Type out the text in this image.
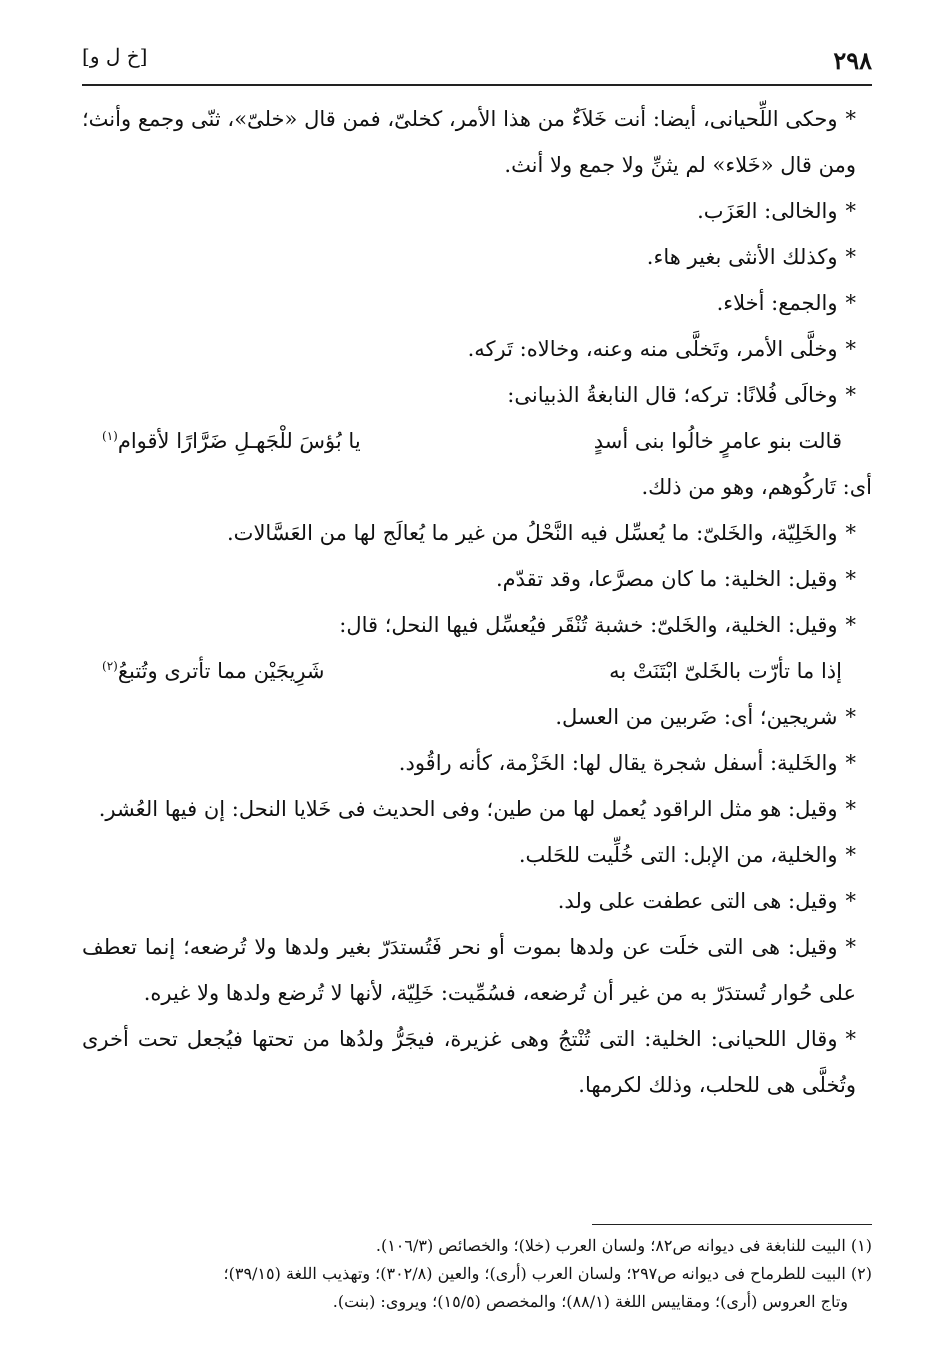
٢٩٨
[خ ل و]

*وحكى اللِّحيانى، أيضا: أنت خَلاَءٌ من هذا الأمر، كخلىّ، فمن قال «خلىّ»، ثنّى وجمع وأنث؛ ومن قال «خَلاء» لم يثنِّ ولا جمع ولا أنث.

*والخالى: العَزَب.

*وكذلك الأنثى بغير هاء.

*والجمع: أخلاء.

*وخلَّى الأمر، وتَخلَّى منه وعنه، وخالاه: تَركه.

*وخالَى فُلانًا: تركه؛ قال النابغةُ الذبيانى:

قالت بنو عامرٍ خالُوا بنى أسدٍ
يا بُؤسَ للْجَهـلِ ضَرَّارًا لأقوام$^{(١)}$

أى: تَاركُوهم، وهو من ذلك.

*والخَلِيّة، والخَلىّ: ما يُعسِّل فيه النَّحْلُ من غير ما يُعالَج لها من العَسَّالات.

*وقيل: الخلية: ما كان مصرَّعا، وقد تقدّم.

*وقيل: الخلية، والخَلىّ: خشبة تُنْقَر فيُعسِّل فيها النحل؛ قال:

إذا ما تأرّت بالخَلىّ ابْتَنَتْ به
شَرِيجَيْن مما تأترى وتُتبعُ$^{(٢)}$

*شريجين؛ أى: ضَربين من العسل.

*والخَلية: أسفل شجرة يقال لها: الخَزْمة، كأنه راقُود.

*وقيل: هو مثل الراقود يُعمل لها من طين؛ وفى الحديث فى خَلايا النحل: إن فيها العُشر.

*والخلية، من الإبل: التى خُلِّيت للحَلب.

*وقيل: هى التى عطفت على ولد.

*وقيل: هى التى خلَت عن ولدها بموت أو نحر فَتُستدَرّ بغير ولدها ولا تُرضعه؛ إنما تعطف على حُوار تُستدَرّ به من غير أن تُرضعه، فسُمِّيت: خَلِيّة، لأنها لا تُرضع ولدها ولا غيره.

*وقال اللحيانى: الخلية: التى تُنْتجُ وهى غزيرة، فيجَرُّ ولدُها من تحتها فيُجعل تحت أخرى وتُخلَّى هى للحلب، وذلك لكرمها.

(١) البيت للنابغة فى ديوانه ص٨٢؛ ولسان العرب (خلا)؛ والخصائص (١٠٦/٣).

(٢) البيت للطرماح فى ديوانه ص٢٩٧؛ ولسان العرب (أرى)؛ والعين (٣٠٢/٨)؛ وتهذيب اللغة (٣٩/١٥)؛

وتاج العروس (أرى)؛ ومقاييس اللغة (٨٨/١)؛ والمخصص (١٥/٥)؛ ويروى: (بنت).
